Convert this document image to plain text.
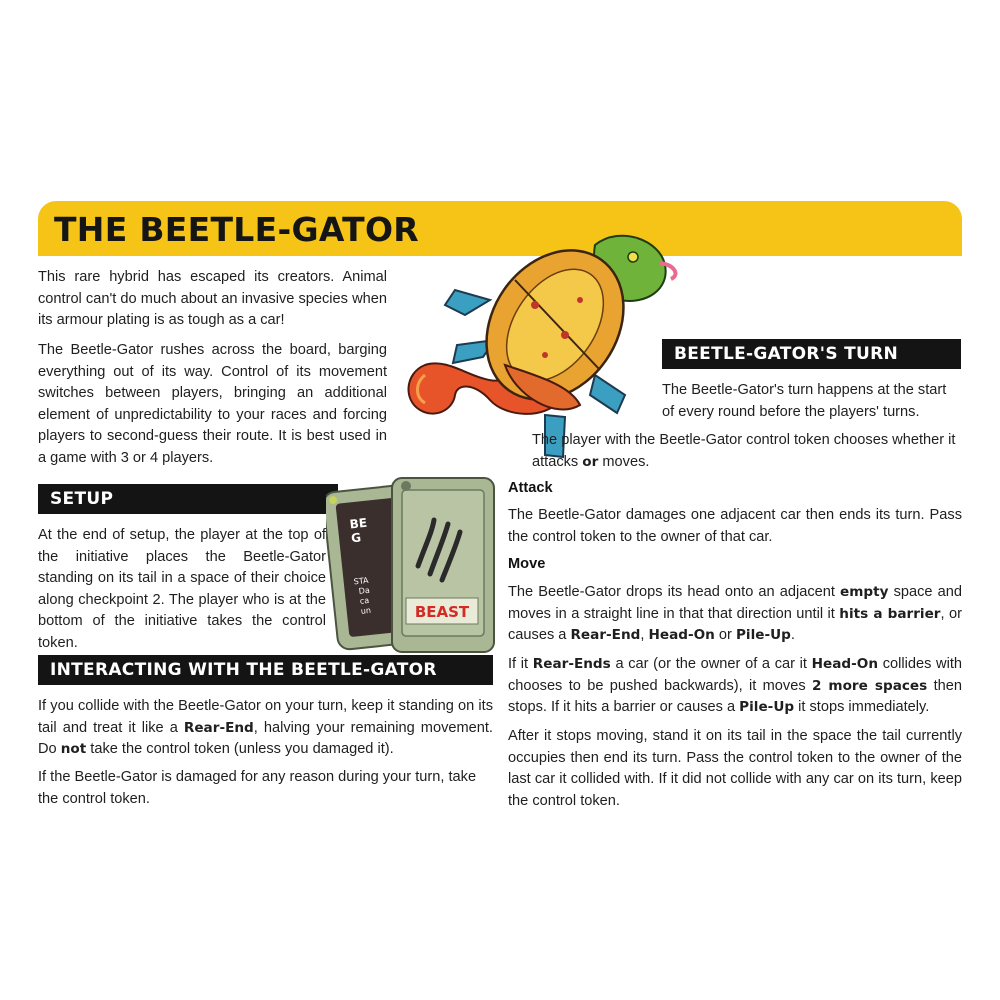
THE BEETLE-GATOR
This rare hybrid has escaped its creators. Animal control can't do much about an invasive species when its armour plating is as tough as a car!
The Beetle-Gator rushes across the board, barging everything out of its way. Control of its movement switches between players, bringing an additional element of unpredictability to your races and forcing players to second-guess their route. It is best used in a game with 3 or 4 players.
SETUP
At the end of setup, the player at the top of the initiative places the Beetle-Gator standing on its tail in a space of their choice along checkpoint 2. The player who is at the bottom of the initiative takes the control token.
BE G
STA Da ca un	BEAST
INTERACTING WITH THE BEETLE-GATOR
If you collide with the Beetle-Gator on your turn, keep it standing on its tail and treat it like a Rear-End, halving your remaining movement. Do not take the control token (unless you damaged it).
If the Beetle-Gator is damaged for any reason during your turn, take the control token.
BEETLE-GATOR'S TURN
The Beetle-Gator's turn happens at the start of every round before the players' turns.
The player with the Beetle-Gator control token chooses whether it attacks or moves.
Attack
The Beetle-Gator damages one adjacent car then ends its turn. Pass the control token to the owner of that car.
Move
The Beetle-Gator drops its head onto an adjacent empty space and moves in a straight line in that that direction until it hits a barrier, or causes a Rear-End, Head-On or Pile-Up.
If it Rear-Ends a car (or the owner of a car it Head-On collides with chooses to be pushed backwards), it moves 2 more spaces then stops. If it hits a barrier or causes a Pile-Up it stops immediately.
After it stops moving, stand it on its tail in the space the tail currently occupies then end its turn. Pass the control token to the owner of the last car it collided with. If it did not collide with any car on its turn, keep the control token.
